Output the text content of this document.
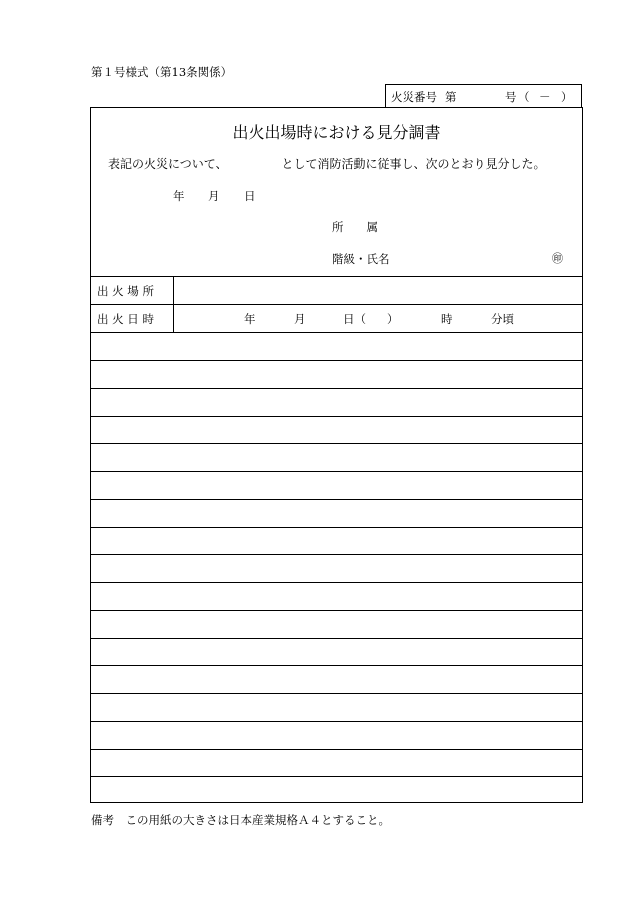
第１号様式（第13条関係）
火災番号 第	号 （ － ）
出火出場時における見分調書
表記の火災について、　　　　　として消防活動に従事し、次のとおり見分した。
年 月 日
所　　属
階級・氏名	㊞
出 火 場 所
出 火 日 時	年	月	日（ ）	時	分頃
備考　この用紙の大きさは日本産業規格Ａ４とすること。
